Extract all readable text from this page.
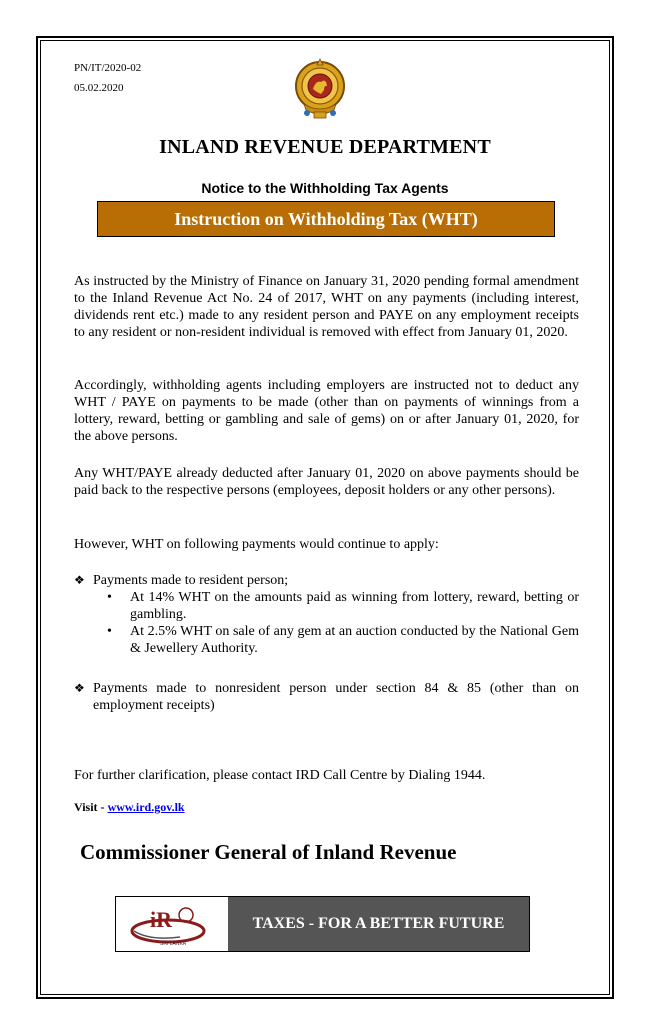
PN/IT/2020-02
05.02.2020
INLAND REVENUE DEPARTMENT
Notice to the Withholding Tax Agents
Instruction on Withholding Tax (WHT)

As instructed by the Ministry of Finance on January 31, 2020 pending formal amendment to the Inland Revenue Act No. 24 of 2017, WHT on any payments (including interest, dividends rent etc.) made to any resident person and PAYE on any employment receipts to any resident or non-resident individual is removed with effect from January 01, 2020.

Accordingly, withholding agents including employers are instructed not to deduct any WHT / PAYE on payments to be made (other than on payments of winnings from a lottery, reward, betting or gambling and sale of gems) on or after January 01, 2020, for the above persons.

Any WHT/PAYE already deducted after January 01, 2020 on above payments should be paid back to the respective persons (employees, deposit holders or any other persons).

However, WHT on following payments would continue to apply:

❖ Payments made to resident person;
• At 14% WHT on the amounts paid as winning from lottery, reward, betting or gambling.
• At 2.5% WHT on sale of any gem at an auction conducted by the National Gem & Jewellery Authority.
❖ Payments made to nonresident person under section 84 & 85 (other than on employment receipts)
For further clarification, please contact IRD Call Centre by Dialing 1944.
Visit - www.ird.gov.lk
Commissioner General of Inland Revenue
iR
SRI LANKA
TAXES - FOR A BETTER FUTURE
